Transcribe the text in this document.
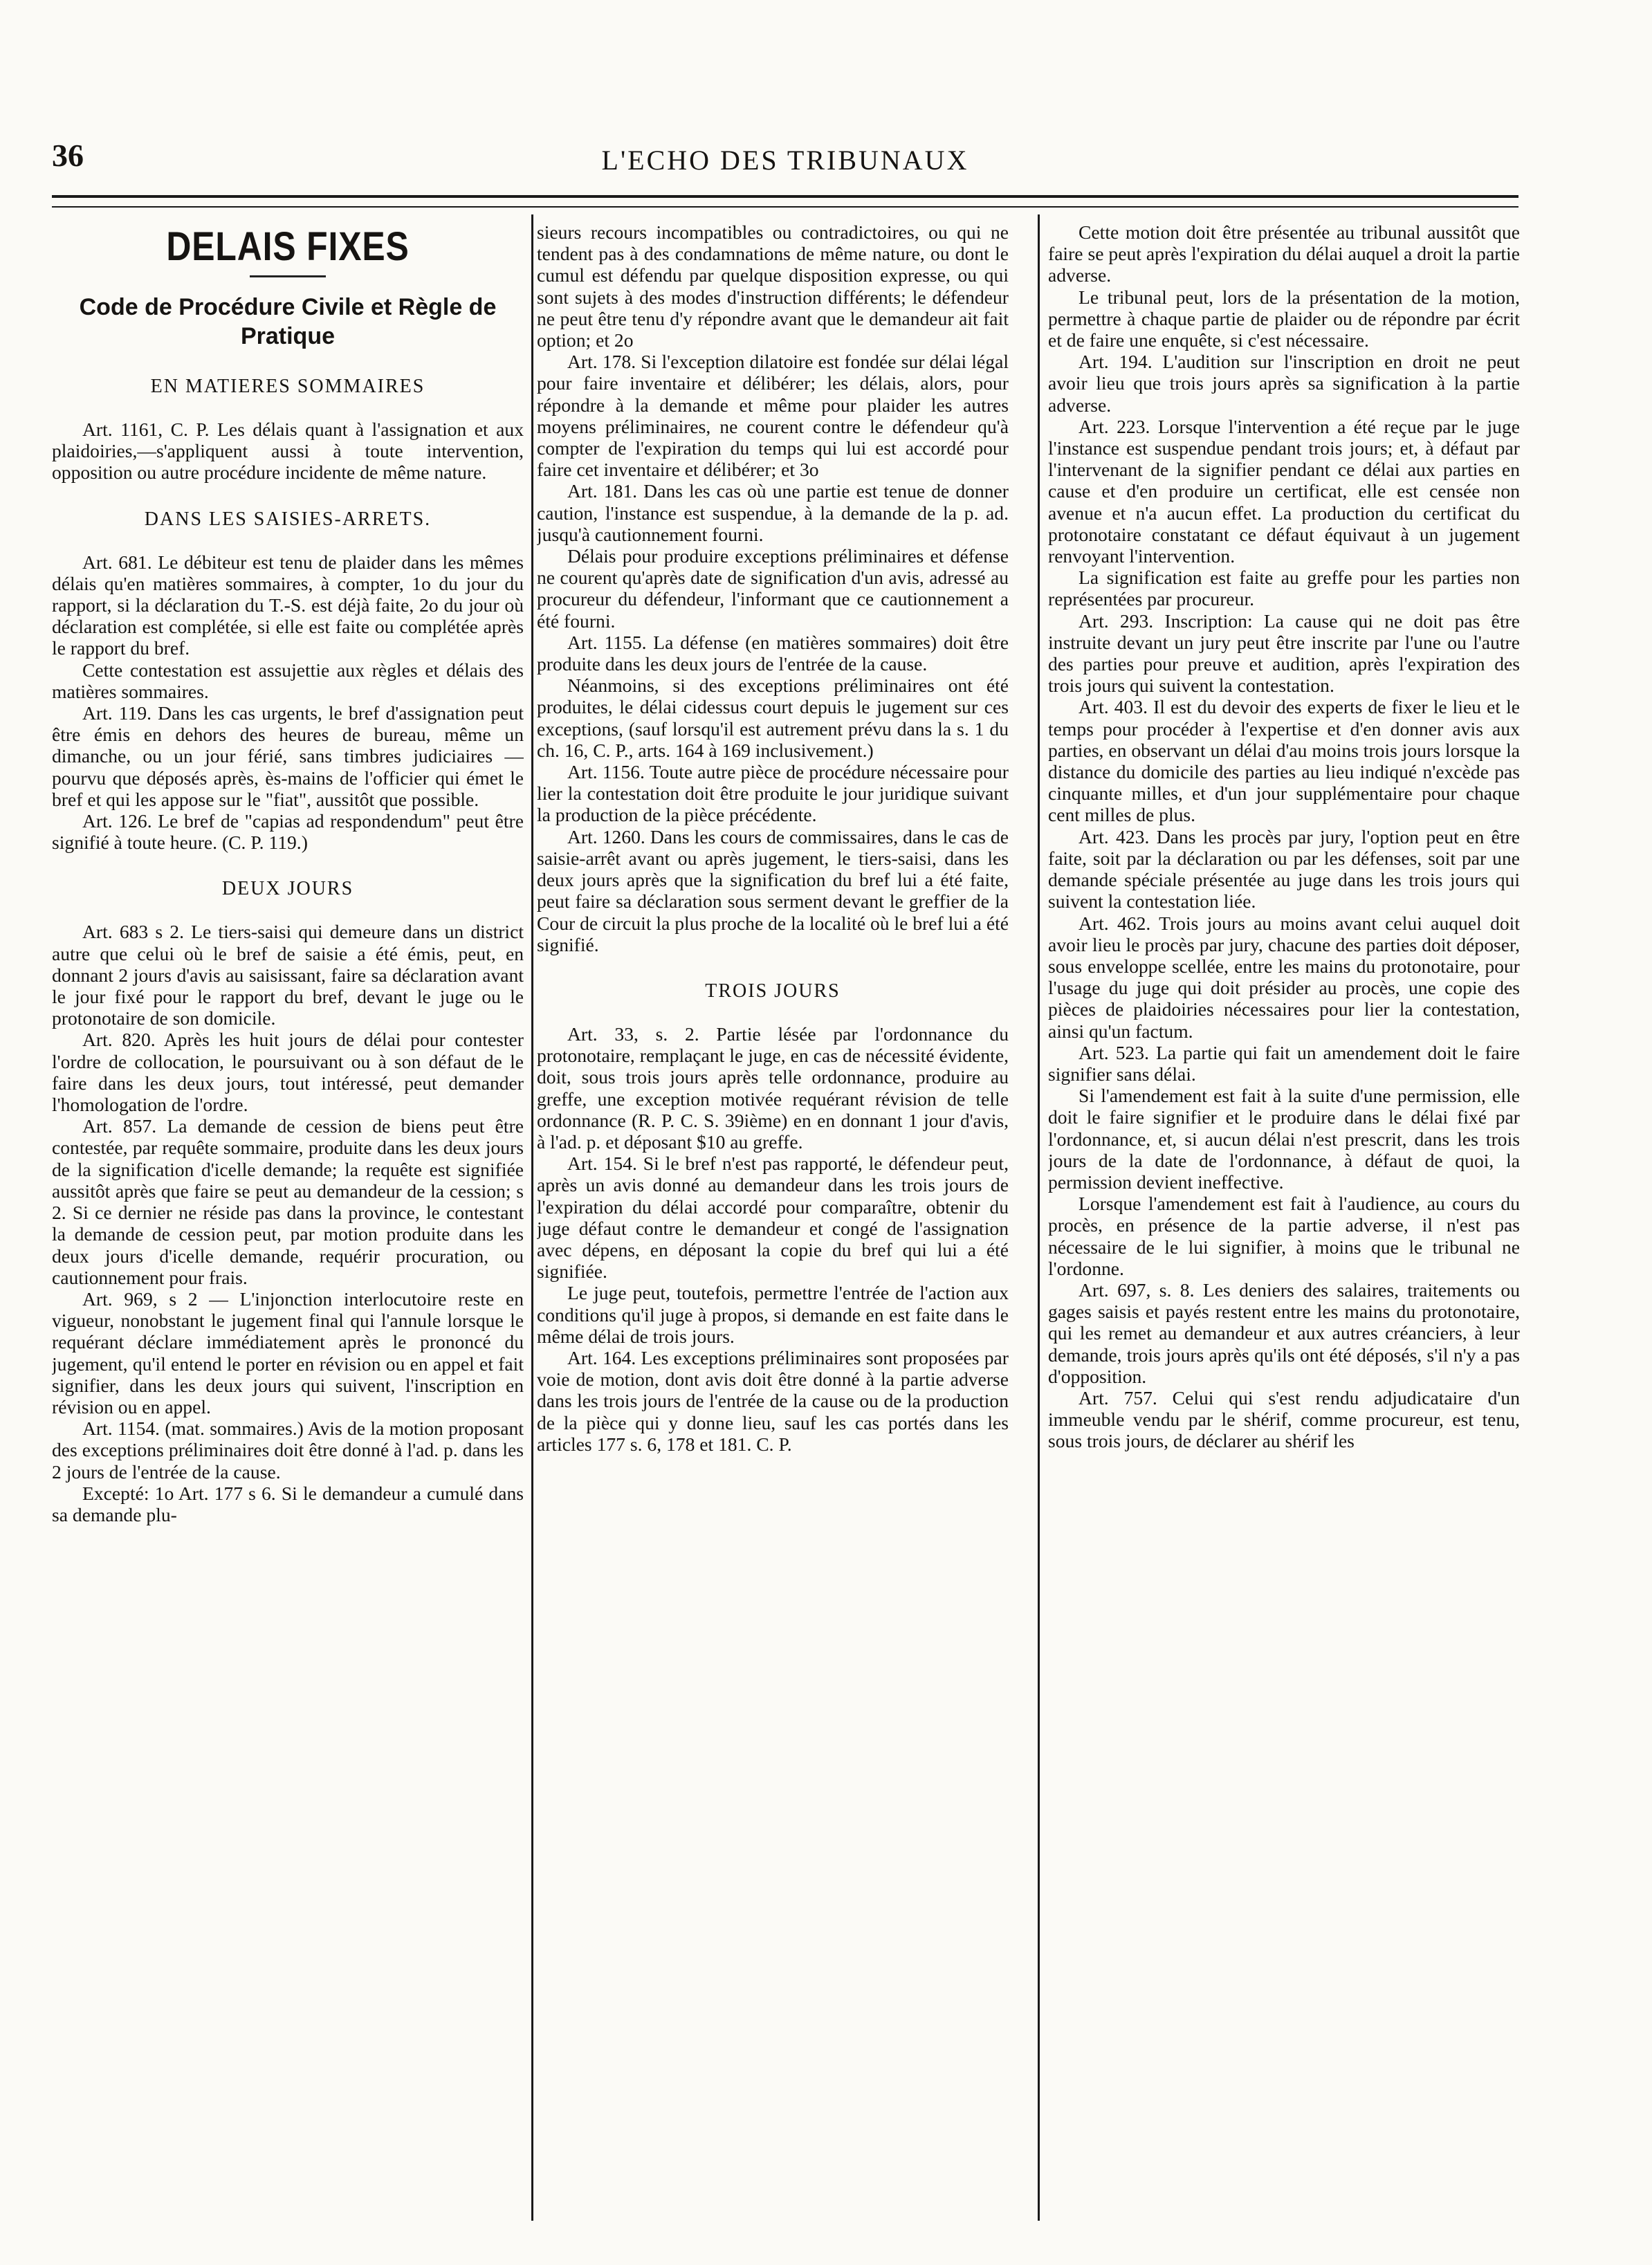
36	L'ECHO DES TRIBUNAUX
DELAIS FIXES
Code de Procédure Civile et Règle de Pratique
EN MATIERES SOMMAIRES

Art. 1161, C. P. Les délais quant à l'assignation et aux plaidoiries,—s'appliquent aussi à toute intervention, opposition ou autre procédure incidente de même nature.

DANS LES SAISIES-ARRETS.

Art. 681. Le débiteur est tenu de plaider dans les mêmes délais qu'en matières sommaires, à compter, 1o du jour du rapport, si la déclaration du T.-S. est déjà faite, 2o du jour où déclaration est complétée, si elle est faite ou complétée après le rapport du bref.

Cette contestation est assujettie aux règles et délais des matières sommaires.

Art. 119. Dans les cas urgents, le bref d'assignation peut être émis en dehors des heures de bureau, même un dimanche, ou un jour férié, sans timbres judiciaires — pourvu que déposés après, ès-mains de l'officier qui émet le bref et qui les appose sur le "fiat", aussitôt que possible.

Art. 126. Le bref de "capias ad respondendum" peut être signifié à toute heure. (C. P. 119.)

DEUX JOURS

Art. 683 s 2. Le tiers-saisi qui demeure dans un district autre que celui où le bref de saisie a été émis, peut, en donnant 2 jours d'avis au saisissant, faire sa déclaration avant le jour fixé pour le rapport du bref, devant le juge ou le protonotaire de son domicile.

Art. 820. Après les huit jours de délai pour contester l'ordre de collocation, le poursuivant ou à son défaut de le faire dans les deux jours, tout intéressé, peut demander l'homologation de l'ordre.

Art. 857. La demande de cession de biens peut être contestée, par requête sommaire, produite dans les deux jours de la signification d'icelle demande; la requête est signifiée aussitôt après que faire se peut au demandeur de la cession; s 2. Si ce dernier ne réside pas dans la province, le contestant la demande de cession peut, par motion produite dans les deux jours d'icelle demande, requérir procuration, ou cautionnement pour frais.

Art. 969, s 2 — L'injonction interlocutoire reste en vigueur, nonobstant le jugement final qui l'annule lorsque le requérant déclare immédiatement après le prononcé du jugement, qu'il entend le porter en révision ou en appel et fait signifier, dans les deux jours qui suivent, l'inscription en révision ou en appel.

Art. 1154. (mat. sommaires.) Avis de la motion proposant des exceptions préliminaires doit être donné à l'ad. p. dans les 2 jours de l'entrée de la cause.

Excepté: 1o Art. 177 s 6. Si le demandeur a cumulé dans sa demande plu-

sieurs recours incompatibles ou contradictoires, ou qui ne tendent pas à des condamnations de même nature, ou dont le cumul est défendu par quelque disposition expresse, ou qui sont sujets à des modes d'instruction différents; le défendeur ne peut être tenu d'y répondre avant que le demandeur ait fait option; et 2o

Art. 178. Si l'exception dilatoire est fondée sur délai légal pour faire inventaire et délibérer; les délais, alors, pour répondre à la demande et même pour plaider les autres moyens préliminaires, ne courent contre le défendeur qu'à compter de l'expiration du temps qui lui est accordé pour faire cet inventaire et délibérer; et 3o

Art. 181. Dans les cas où une partie est tenue de donner caution, l'instance est suspendue, à la demande de la p. ad. jusqu'à cautionnement fourni.

Délais pour produire exceptions préliminaires et défense ne courent qu'après date de signification d'un avis, adressé au procureur du défendeur, l'informant que ce cautionnement a été fourni.

Art. 1155. La défense (en matières sommaires) doit être produite dans les deux jours de l'entrée de la cause.

Néanmoins, si des exceptions préliminaires ont été produites, le délai cidessus court depuis le jugement sur ces exceptions, (sauf lorsqu'il est autrement prévu dans la s. 1 du ch. 16, C. P., arts. 164 à 169 inclusivement.)

Art. 1156. Toute autre pièce de procédure nécessaire pour lier la contestation doit être produite le jour juridique suivant la production de la pièce précédente.

Art. 1260. Dans les cours de commissaires, dans le cas de saisie-arrêt avant ou après jugement, le tiers-saisi, dans les deux jours après que la signification du bref lui a été faite, peut faire sa déclaration sous serment devant le greffier de la Cour de circuit la plus proche de la localité où le bref lui a été signifié.

TROIS JOURS

Art. 33, s. 2. Partie lésée par l'ordonnance du protonotaire, remplaçant le juge, en cas de nécessité évidente, doit, sous trois jours après telle ordonnance, produire au greffe, une exception motivée requérant révision de telle ordonnance (R. P. C. S. 39ième) en en donnant 1 jour d'avis, à l'ad. p. et déposant $10 au greffe.

Art. 154. Si le bref n'est pas rapporté, le défendeur peut, après un avis donné au demandeur dans les trois jours de l'expiration du délai accordé pour comparaître, obtenir du juge défaut contre le demandeur et congé de l'assignation avec dépens, en déposant la copie du bref qui lui a été signifiée.

Le juge peut, toutefois, permettre l'entrée de l'action aux conditions qu'il juge à propos, si demande en est faite dans le même délai de trois jours.

Art. 164. Les exceptions préliminaires sont proposées par voie de motion, dont avis doit être donné à la partie adverse dans les trois jours de l'entrée de la cause ou de la production de la pièce qui y donne lieu, sauf les cas portés dans les articles 177 s. 6, 178 et 181. C. P.

Cette motion doit être présentée au tribunal aussitôt que faire se peut après l'expiration du délai auquel a droit la partie adverse.

Le tribunal peut, lors de la présentation de la motion, permettre à chaque partie de plaider ou de répondre par écrit et de faire une enquête, si c'est nécessaire.

Art. 194. L'audition sur l'inscription en droit ne peut avoir lieu que trois jours après sa signification à la partie adverse.

Art. 223. Lorsque l'intervention a été reçue par le juge l'instance est suspendue pendant trois jours; et, à défaut par l'intervenant de la signifier pendant ce délai aux parties en cause et d'en produire un certificat, elle est censée non avenue et n'a aucun effet. La production du certificat du protonotaire constatant ce défaut équivaut à un jugement renvoyant l'intervention.

La signification est faite au greffe pour les parties non représentées par procureur.

Art. 293. Inscription: La cause qui ne doit pas être instruite devant un jury peut être inscrite par l'une ou l'autre des parties pour preuve et audition, après l'expiration des trois jours qui suivent la contestation.

Art. 403. Il est du devoir des experts de fixer le lieu et le temps pour procéder à l'expertise et d'en donner avis aux parties, en observant un délai d'au moins trois jours lorsque la distance du domicile des parties au lieu indiqué n'excède pas cinquante milles, et d'un jour supplémentaire pour chaque cent milles de plus.

Art. 423. Dans les procès par jury, l'option peut en être faite, soit par la déclaration ou par les défenses, soit par une demande spéciale présentée au juge dans les trois jours qui suivent la contestation liée.

Art. 462. Trois jours au moins avant celui auquel doit avoir lieu le procès par jury, chacune des parties doit déposer, sous enveloppe scellée, entre les mains du protonotaire, pour l'usage du juge qui doit présider au procès, une copie des pièces de plaidoiries nécessaires pour lier la contestation, ainsi qu'un factum.

Art. 523. La partie qui fait un amendement doit le faire signifier sans délai.

Si l'amendement est fait à la suite d'une permission, elle doit le faire signifier et le produire dans le délai fixé par l'ordonnance, et, si aucun délai n'est prescrit, dans les trois jours de la date de l'ordonnance, à défaut de quoi, la permission devient ineffective.

Lorsque l'amendement est fait à l'audience, au cours du procès, en présence de la partie adverse, il n'est pas nécessaire de le lui signifier, à moins que le tribunal ne l'ordonne.

Art. 697, s. 8. Les deniers des salaires, traitements ou gages saisis et payés restent entre les mains du protonotaire, qui les remet au demandeur et aux autres créanciers, à leur demande, trois jours après qu'ils ont été déposés, s'il n'y a pas d'opposition.

Art. 757. Celui qui s'est rendu adjudicataire d'un immeuble vendu par le shérif, comme procureur, est tenu, sous trois jours, de déclarer au shérif les
